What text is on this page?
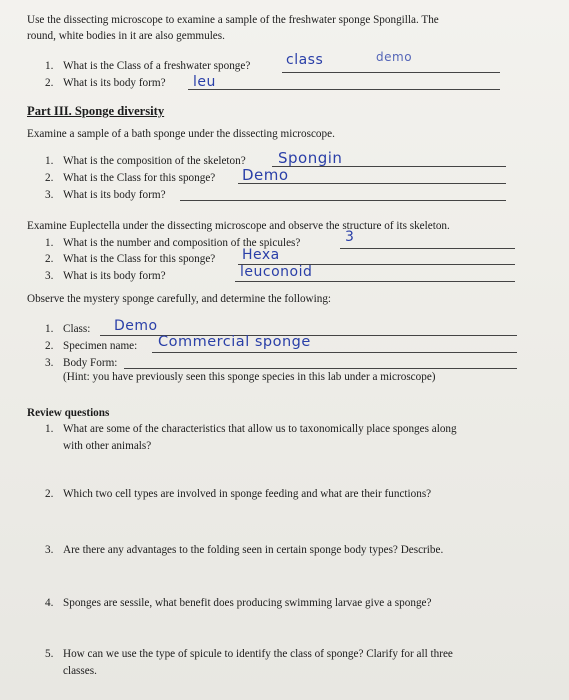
Use the dissecting microscope to examine a sample of the freshwater sponge Spongilla. The
round, white bodies in it are also gemmules.
1. What is the Class of a freshwater sponge?	class	demo
2. What is its body form? leu
Part III. Sponge diversity
Examine a sample of a bath sponge under the dissecting microscope.
1. What is the composition of the skeleton? Spongin
2. What is the Class for this sponge? Demo
3. What is its body form?
Examine Euplectella under the dissecting microscope and observe the structure of its skeleton.
1. What is the number and composition of the spicules?	3
2. What is the Class for this sponge? Hexa
3. What is its body form?	leuconoid
Observe the mystery sponge carefully, and determine the following:
1. Class: Demo
2. Specimen name: Commercial sponge
3. Body Form:
(Hint: you have previously seen this sponge species in this lab under a microscope)
Review questions
1. What are some of the characteristics that allow us to taxonomically place sponges along
with other animals?
2. Which two cell types are involved in sponge feeding and what are their functions?
3. Are there any advantages to the folding seen in certain sponge body types? Describe.
4. Sponges are sessile, what benefit does producing swimming larvae give a sponge?
5. How can we use the type of spicule to identify the class of sponge? Clarify for all three
classes.
